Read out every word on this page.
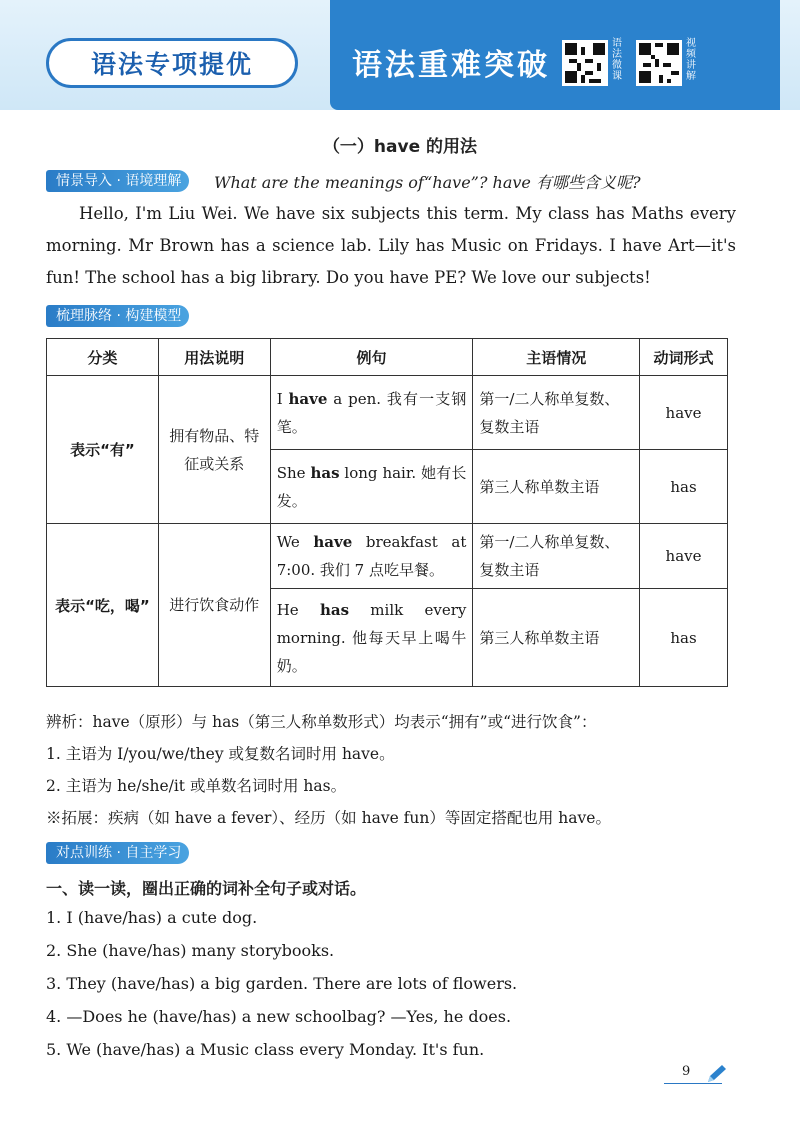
语法专项提优	语法重难突破
语法微课
视频讲解
（一）have 的用法
情景导入 · 语境理解	What are the meanings of“have”? have 有哪些含义呢?
Hello, I'm Liu Wei. We have six subjects this term. My class has Maths every morning. Mr Brown has a science lab. Lily has Music on Fridays. I have Art—it's fun! The school has a big library. Do you have PE? We love our subjects!
梳理脉络 · 构建模型
分类	用法说明	例句	主语情况	动词形式
表示“有”	拥有物品、特征或关系	I have a pen. 我有一支钢笔。	第一/二人称单复数、复数主语	have
		She has long hair. 她有长发。	第三人称单数主语	has
表示“吃，喝”	进行饮食动作	We have breakfast at 7:00. 我们 7 点吃早餐。	第一/二人称单复数、复数主语	have
		He has milk every morning. 他每天早上喝牛奶。	第三人称单数主语	has
辨析：have（原形）与 has（第三人称单数形式）均表示“拥有”或“进行饮食”：
1. 主语为 I/you/we/they 或复数名词时用 have。
2. 主语为 he/she/it 或单数名词时用 has。
※拓展：疾病（如 have a fever）、经历（如 have fun）等固定搭配也用 have。
对点训练 · 自主学习
一、读一读，圈出正确的词补全句子或对话。
1. I (have/has) a cute dog.
2. She (have/has) many storybooks.
3. They (have/has) a big garden. There are lots of flowers.
4. —Does he (have/has) a new schoolbag? —Yes, he does.
5. We (have/has) a Music class every Monday. It's fun.
9
